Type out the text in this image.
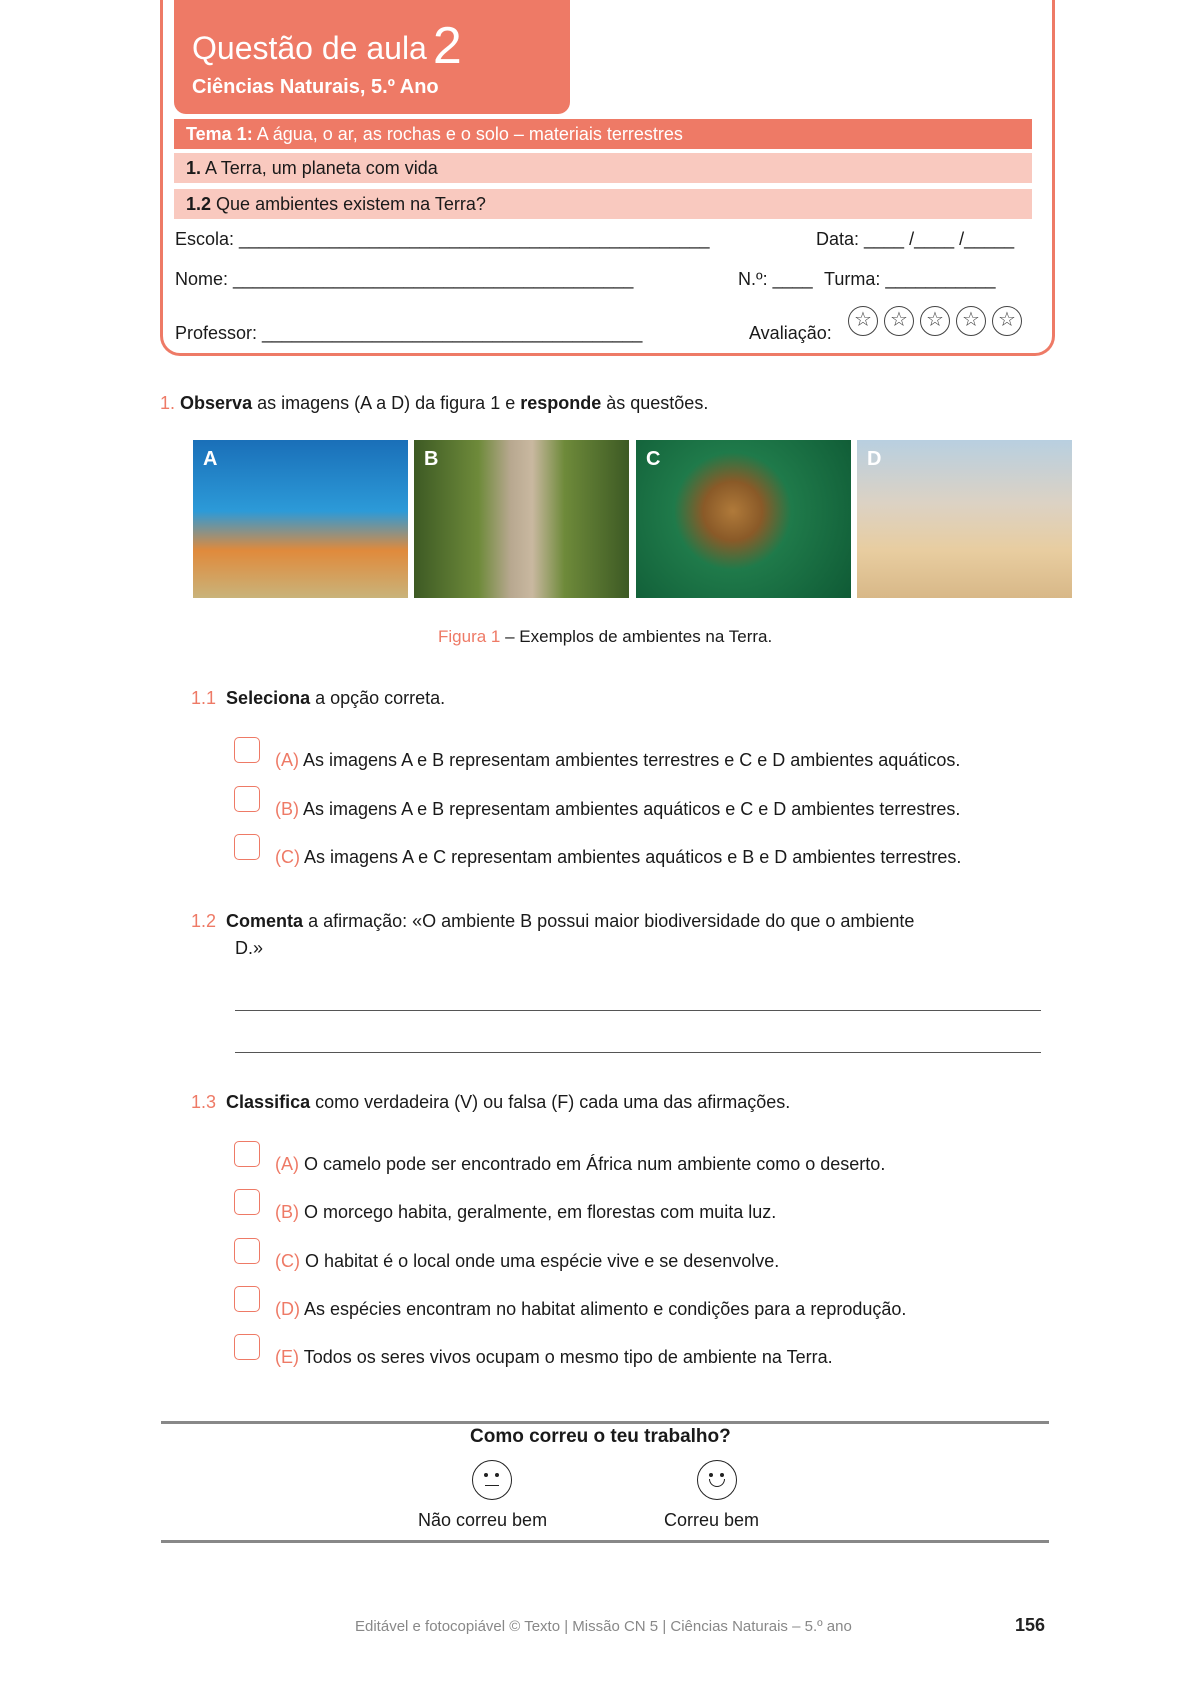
Questão de aula 2
Ciências Naturais, 5.º Ano
Tema 1: A água, o ar, as rochas e o solo – materiais terrestres
1. A Terra, um planeta com vida
1.2 Que ambientes existem na Terra?
Escola: _______________________________________________	Data: ____ /____ /_____
Nome: ________________________________________	N.º: ____ Turma: ___________
Professor: ______________________________________	Avaliação:
☆ ☆ ☆ ☆ ☆
1. Observa as imagens (A a D) da figura 1 e responde às questões.
A	B	C	D
Figura 1 – Exemplos de ambientes na Terra.
1.1 Seleciona a opção correta.
(A) As imagens A e B representam ambientes terrestres e C e D ambientes aquáticos.
(B) As imagens A e B representam ambientes aquáticos e C e D ambientes terrestres.
(C) As imagens A e C representam ambientes aquáticos e B e D ambientes terrestres.
1.2 Comenta a afirmação: «O ambiente B possui maior biodiversidade do que o ambiente
D.»
1.3 Classifica como verdadeira (V) ou falsa (F) cada uma das afirmações.
(A) O camelo pode ser encontrado em África num ambiente como o deserto.
(B) O morcego habita, geralmente, em florestas com muita luz.
(C) O habitat é o local onde uma espécie vive e se desenvolve.
(D) As espécies encontram no habitat alimento e condições para a reprodução.
(E) Todos os seres vivos ocupam o mesmo tipo de ambiente na Terra.
Como correu o teu trabalho?
Não correu bem	Correu bem
Editável e fotocopiável © Texto | Missão CN 5 | Ciências Naturais – 5.º ano	156
